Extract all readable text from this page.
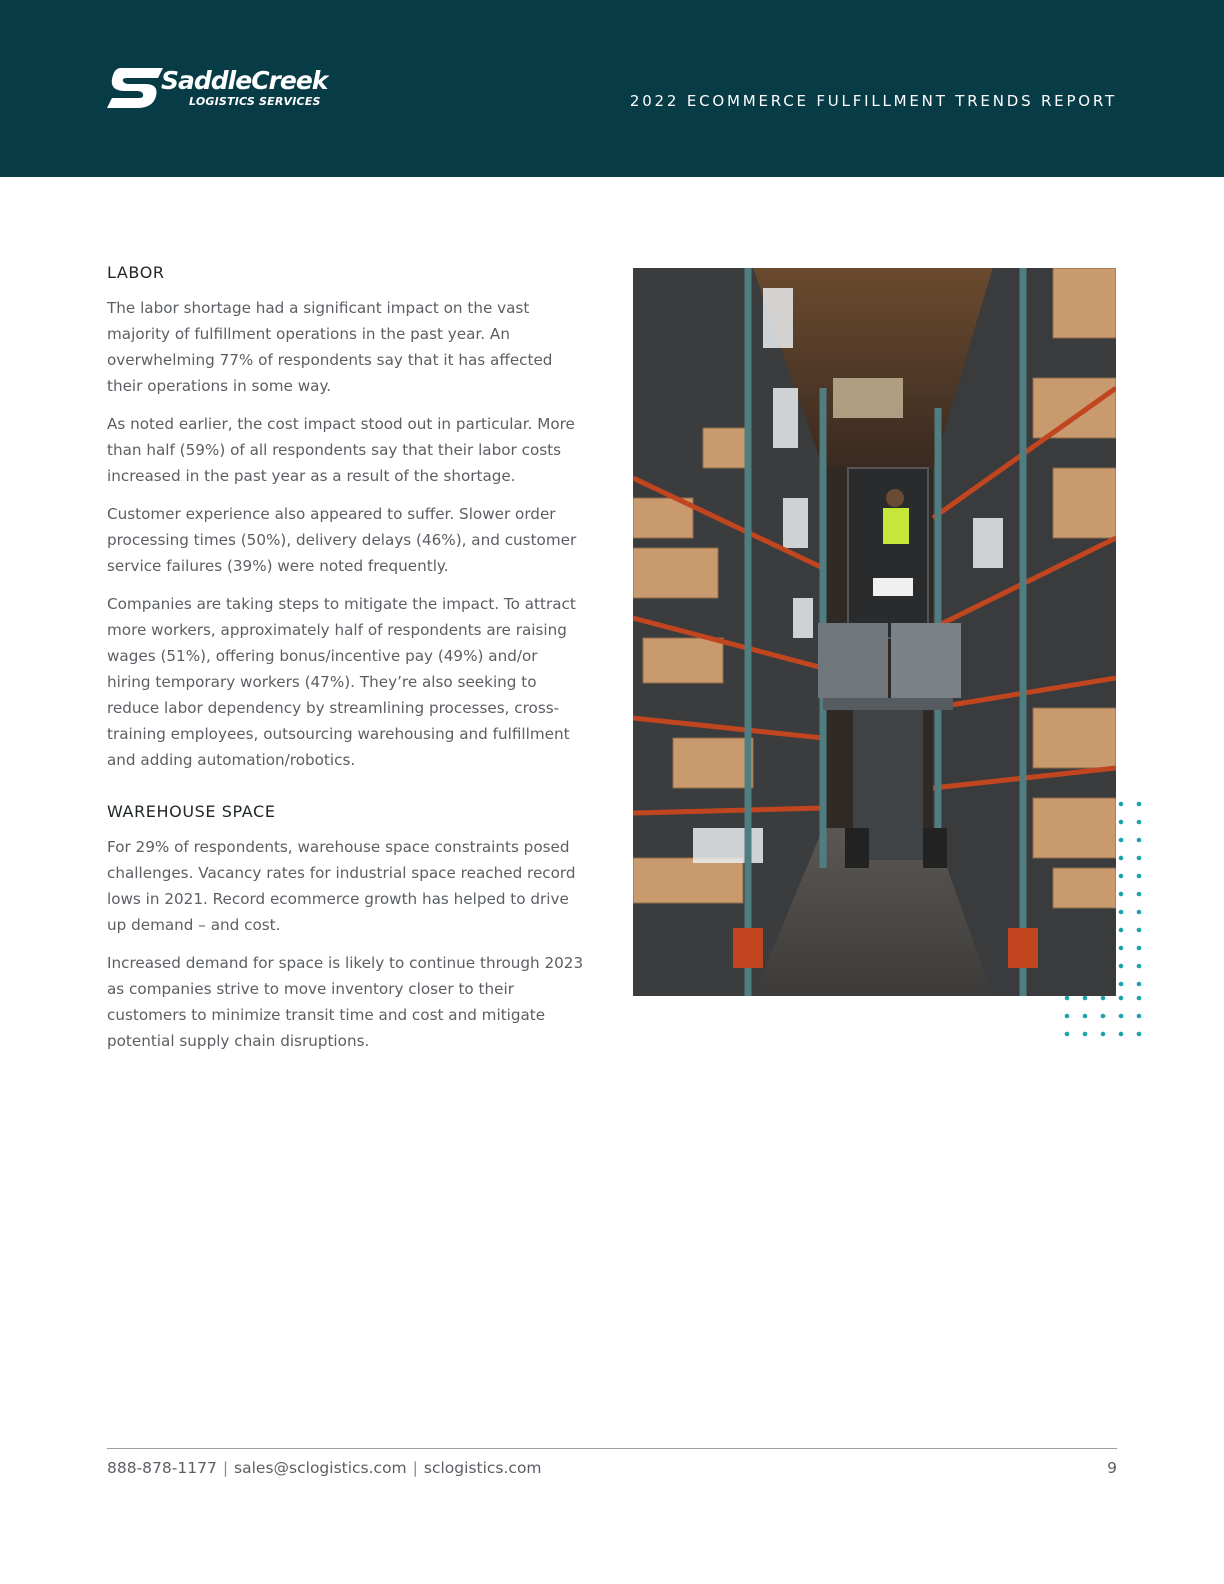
SaddleCreek
LOGISTICS SERVICES	2022 ECOMMERCE FULFILLMENT TRENDS REPORT
LABOR

The labor shortage had a significant impact on the vast majority of fulfillment operations in the past year. An overwhelming 77% of respondents say that it has affected their operations in some way.

As noted earlier, the cost impact stood out in particular. More than half (59%) of all respondents say that their labor costs increased in the past year as a result of the shortage.

Customer experience also appeared to suffer. Slower order processing times (50%), delivery delays (46%), and customer service failures (39%) were noted frequently.

Companies are taking steps to mitigate the impact. To attract more workers, approximately half of respondents are raising wages (51%), offering bonus/incentive pay (49%) and/or hiring temporary workers (47%). They’re also seeking to reduce labor dependency by streamlining processes, cross-training employees, outsourcing warehousing and fulfillment and adding automation/robotics.

WAREHOUSE SPACE

For 29% of respondents, warehouse space constraints posed challenges. Vacancy rates for industrial space reached record lows in 2021. Record ecommerce growth has helped to drive up demand – and cost.

Increased demand for space is likely to continue through 2023 as companies strive to move inventory closer to their customers to minimize transit time and cost and mitigate potential supply chain disruptions.

888-878-1177 | sales@sclogistics.com | sclogistics.com	9
